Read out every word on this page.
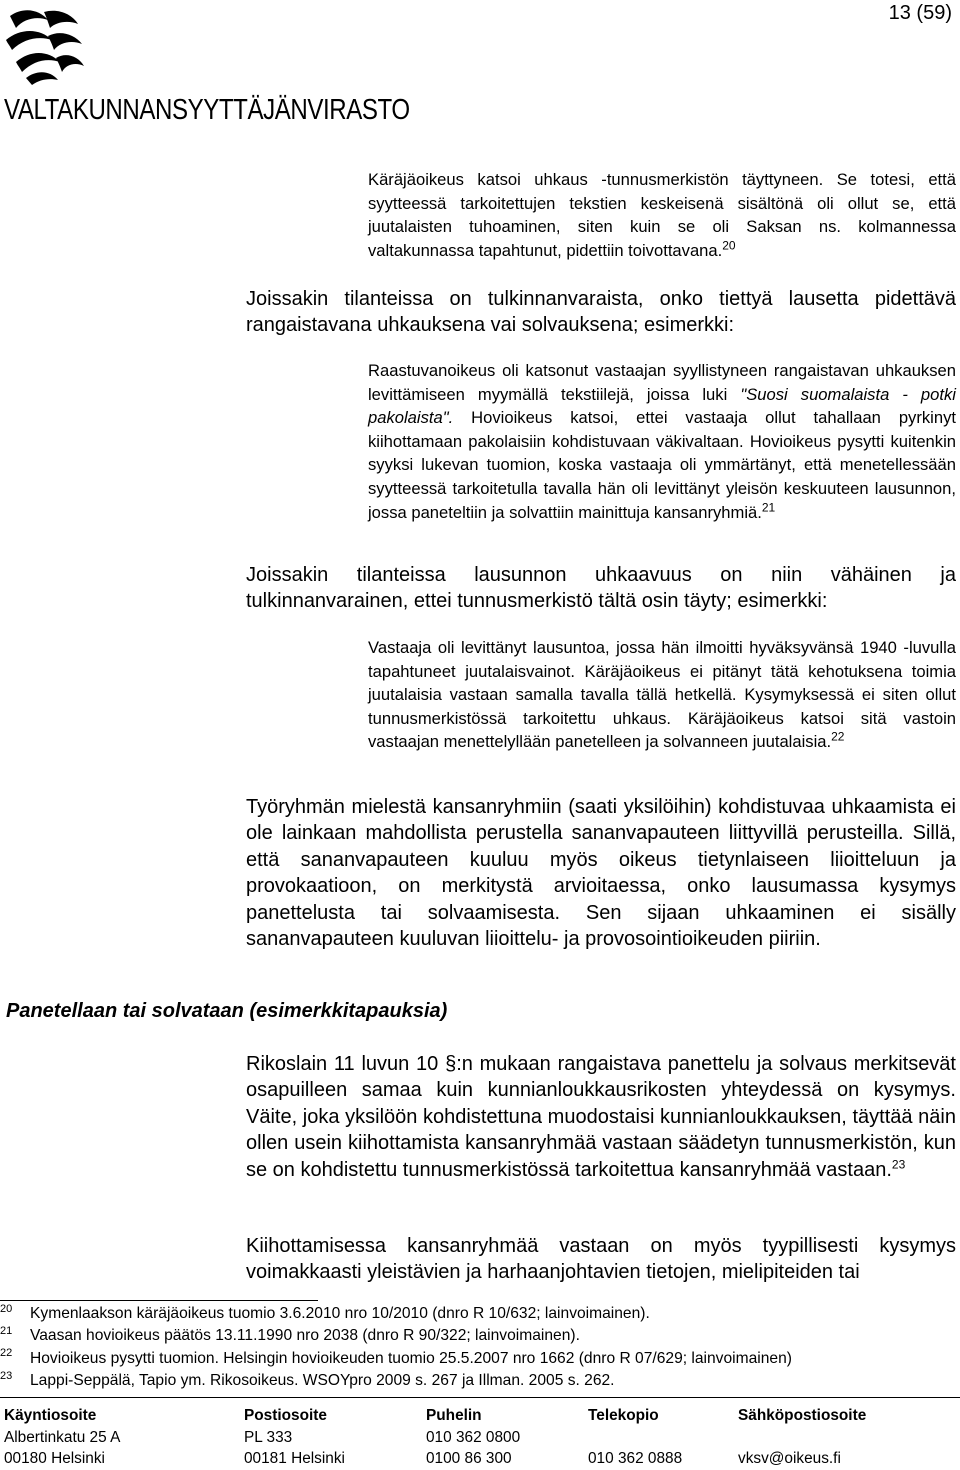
VALTAKUNNANSYYTTÄJÄNVIRASTO
13 (59)
Käräjäoikeus katsoi uhkaus -tunnusmerkistön täyttyneen. Se totesi, että syytteessä tarkoitettujen tekstien keskeisenä sisältönä oli ollut se, että juutalaisten tuhoaminen, siten kuin se oli Saksan ns. kolmannessa valtakunnassa tapahtunut, pidettiin toivottavana.$^{20}$
Joissakin tilanteissa on tulkinnanvaraista, onko tiettyä lausetta pidettävä rangaistavana uhkauksena vai solvauksena; esimerkki:
Raastuvanoikeus oli katsonut vastaajan syyllistyneen rangaistavan uhkauksen levittämiseen myymällä tekstiilejä, joissa luki "Suosi suomalaista - potki pakolaista". Hovioikeus katsoi, ettei vastaaja ollut tahallaan pyrkinyt kiihottamaan pakolaisiin kohdistuvaan väkivaltaan. Hovioikeus pysytti kuitenkin syyksi lukevan tuomion, koska vastaaja oli ymmärtänyt, että menetellessään syytteessä tarkoitetulla tavalla hän oli levittänyt yleisön keskuuteen lausunnon, jossa paneteltiin ja solvattiin mainittuja kansanryhmiä.$^{21}$
Joissakin tilanteissa lausunnon uhkaavuus on niin vähäinen ja tulkinnanvarainen, ettei tunnusmerkistö tältä osin täyty; esimerkki:
Vastaaja oli levittänyt lausuntoa, jossa hän ilmoitti hyväksyvänsä 1940 -luvulla tapahtuneet juutalaisvainot. Käräjäoikeus ei pitänyt tätä kehotuksena toimia juutalaisia vastaan samalla tavalla tällä hetkellä. Kysymyksessä ei siten ollut tunnusmerkistössä tarkoitettu uhkaus. Käräjäoikeus katsoi sitä vastoin vastaajan menettelyllään panetelleen ja solvanneen juutalaisia.$^{22}$
Työryhmän mielestä kansanryhmiin (saati yksilöihin) kohdistuvaa uhkaamista ei ole lainkaan mahdollista perustella sananvapauteen liittyvillä perusteilla. Sillä, että sananvapauteen kuuluu myös oikeus tietynlaiseen liioitteluun ja provokaatioon, on merkitystä arvioitaessa, onko lausumassa kysymys panettelusta tai solvaamisesta. Sen sijaan uhkaaminen ei sisälly sananvapauteen kuuluvan liioittelu- ja provosointioikeuden piiriin.
Panetellaan tai solvataan (esimerkkitapauksia)
Rikoslain 11 luvun 10 §:n mukaan rangaistava panettelu ja solvaus merkitsevät osapuilleen samaa kuin kunnianloukkausrikosten yhteydessä on kysymys. Väite, joka yksilöön kohdistettuna muodostaisi kunnianloukkauksen, täyttää näin ollen usein kiihottamista kansanryhmää vastaan säädetyn tunnusmerkistön, kun se on kohdistettu tunnusmerkistössä tarkoitettua kansanryhmää vastaan.$^{23}$
Kiihottamisessa kansanryhmää vastaan on myös tyypillisesti kysymys voimakkaasti yleistävien ja harhaanjohtavien tietojen, mielipiteiden tai
20 Kymenlaakson käräjäoikeus tuomio 3.6.2010 nro 10/2010 (dnro R 10/632; lainvoimainen).
21 Vaasan hovioikeus päätös 13.11.1990 nro 2038 (dnro R 90/322; lainvoimainen).
22 Hovioikeus pysytti tuomion. Helsingin hovioikeuden tuomio 25.5.2007 nro 1662 (dnro R 07/629; lainvoimainen)
23 Lappi-Seppälä, Tapio ym. Rikosoikeus. WSOYpro 2009 s. 267 ja Illman. 2005 s. 262.
Käyntiosoite
Albertinkatu 25 A
00180 Helsinki
Postiosoite
PL 333
00181 Helsinki
Puhelin
010 362 0800
0100 86 300
Telekopio

010 362 0888
Sähköpostiosoite

vksv@oikeus.fi
